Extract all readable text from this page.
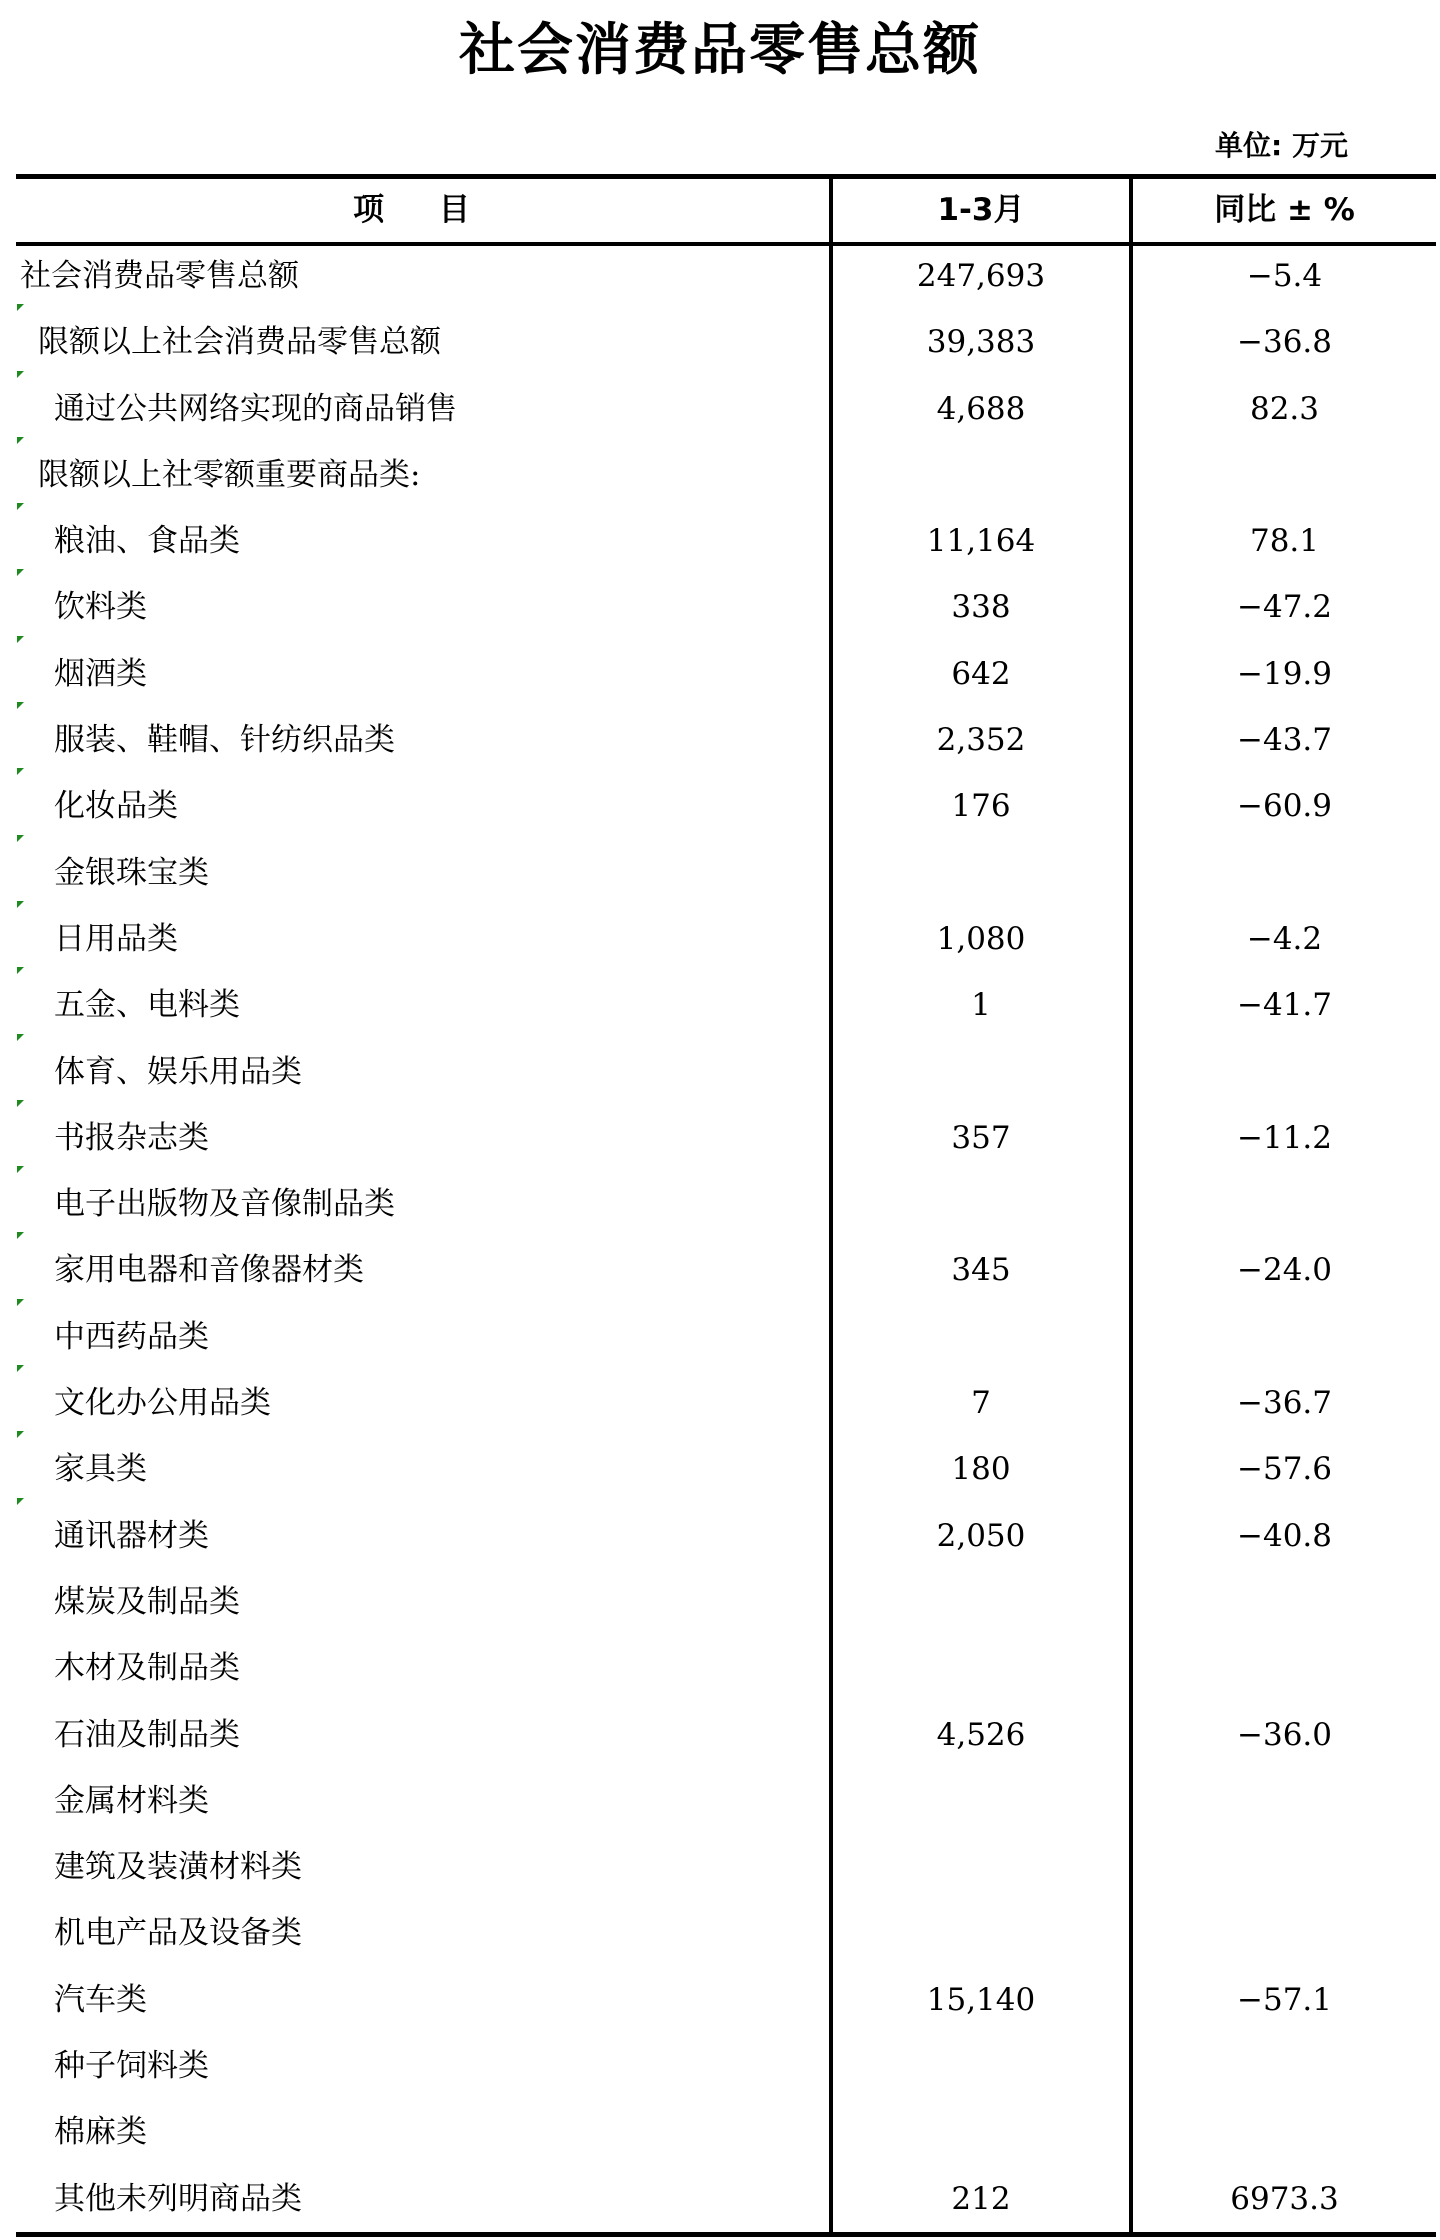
社会消费品零售总额
单位: 万元
项 目	1-3月	同比 ± %
社会消费品零售总额	247,693	−5.4
限额以上社会消费品零售总额	39,383	−36.8
通过公共网络实现的商品销售	4,688	82.3
限额以上社零额重要商品类:
粮油、食品类	11,164	78.1
饮料类	338	−47.2
烟酒类	642	−19.9
服装、鞋帽、针纺织品类	2,352	−43.7
化妆品类	176	−60.9
金银珠宝类
日用品类	1,080	−4.2
五金、电料类	1	−41.7
体育、娱乐用品类
书报杂志类	357	−11.2
电子出版物及音像制品类
家用电器和音像器材类	345	−24.0
中西药品类
文化办公用品类	7	−36.7
家具类	180	−57.6
通讯器材类	2,050	−40.8
煤炭及制品类
木材及制品类
石油及制品类	4,526	−36.0
金属材料类
建筑及装潢材料类
机电产品及设备类
汽车类	15,140	−57.1
种子饲料类
棉麻类
其他未列明商品类	212	6973.3
